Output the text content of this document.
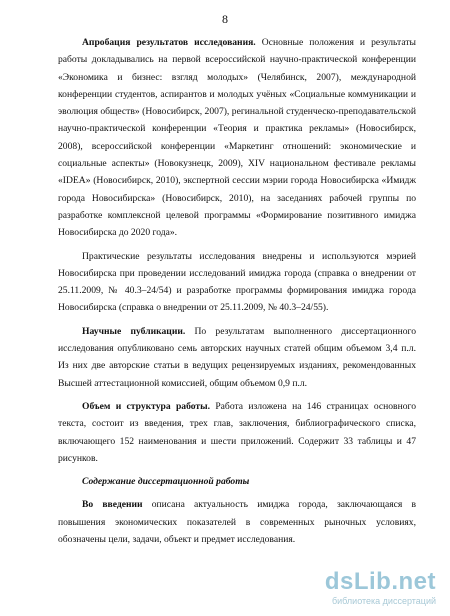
8

Апробация результатов исследования. Основные положения и результаты работы докладывались на первой всероссийской научно-практической конференции «Экономика и бизнес: взгляд молодых» (Челябинск, 2007), международной конференции студентов, аспирантов и молодых учёных «Социальные коммуникации и эволюция обществ» (Новосибирск, 2007), регинальной студенческо-преподавательской научно-практической конференции «Теория и практика рекламы» (Новосибирск, 2008), всероссийской конференции «Маркетинг отношений: экономические и социальные аспекты» (Новокузнецк, 2009), XIV национальном фестивале рекламы «IDEA» (Новосибирск, 2010), экспертной сессии мэрии города Новосибирска «Имидж города Новосибирска» (Новосибирск, 2010), на заседаниях рабочей группы по разработке комплексной целевой программы «Формирование позитивного имиджа Новосибирска до 2020 года».

Практические результаты исследования внедрены и используются мэрией Новосибирска при проведении исследований имиджа города (справка о внедрении от 25.11.2009, № 40.3–24/54) и разработке программы формирования имиджа города Новосибирска (справка о внедрении от 25.11.2009, № 40.3–24/55).

Научные публикации. По результатам выполненного диссертационного исследования опубликовано семь авторских научных статей общим объемом 3,4 п.л. Из них две авторские статьи в ведущих рецензируемых изданиях, рекомендованных Высшей аттестационной комиссией, общим объемом 0,9 п.л.

Объем и структура работы. Работа изложена на 146 страницах основного текста, состоит из введения, трех глав, заключения, библиографического списка, включающего 152 наименования и шести приложений. Содержит 33 таблицы и 47 рисунков.

Содержание диссертационной работы

Во введении описана актуальность имиджа города, заключающаяся в повышения экономических показателей в современных рыночных условиях, обозначены цели, задачи, объект и предмет исследования.

dsLib.net
библиотека диссертаций
